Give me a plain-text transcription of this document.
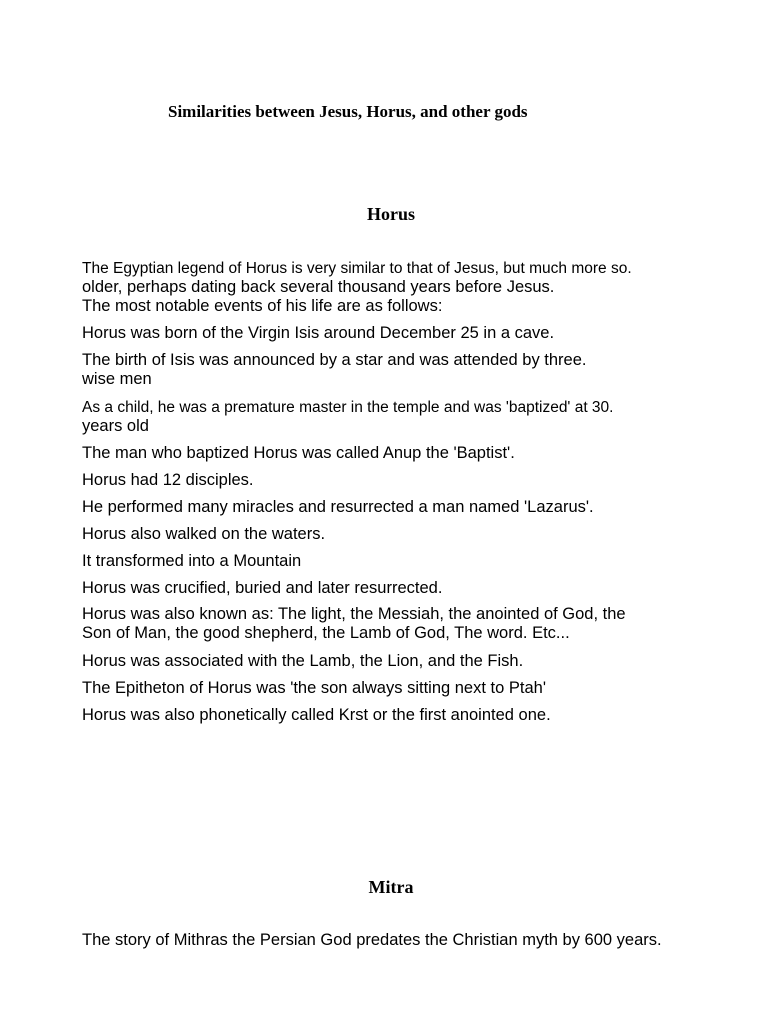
Similarities between Jesus, Horus, and other gods
Horus
The Egyptian legend of Horus is very similar to that of Jesus, but much more so.
older, perhaps dating back several thousand years before Jesus.
The most notable events of his life are as follows:
Horus was born of the Virgin Isis around December 25 in a cave.
The birth of Isis was announced by a star and was attended by three.
wise men
As a child, he was a premature master in the temple and was 'baptized' at 30.
years old
The man who baptized Horus was called Anup the 'Baptist'.
Horus had 12 disciples.
He performed many miracles and resurrected a man named 'Lazarus'.
Horus also walked on the waters.
It transformed into a Mountain
Horus was crucified, buried and later resurrected.
Horus was also known as: The light, the Messiah, the anointed of God, the
Son of Man, the good shepherd, the Lamb of God, The word. Etc...
Horus was associated with the Lamb, the Lion, and the Fish.
The Epitheton of Horus was 'the son always sitting next to Ptah'
Horus was also phonetically called Krst or the first anointed one.
Mitra
The story of Mithras the Persian God predates the Christian myth by 600 years.
